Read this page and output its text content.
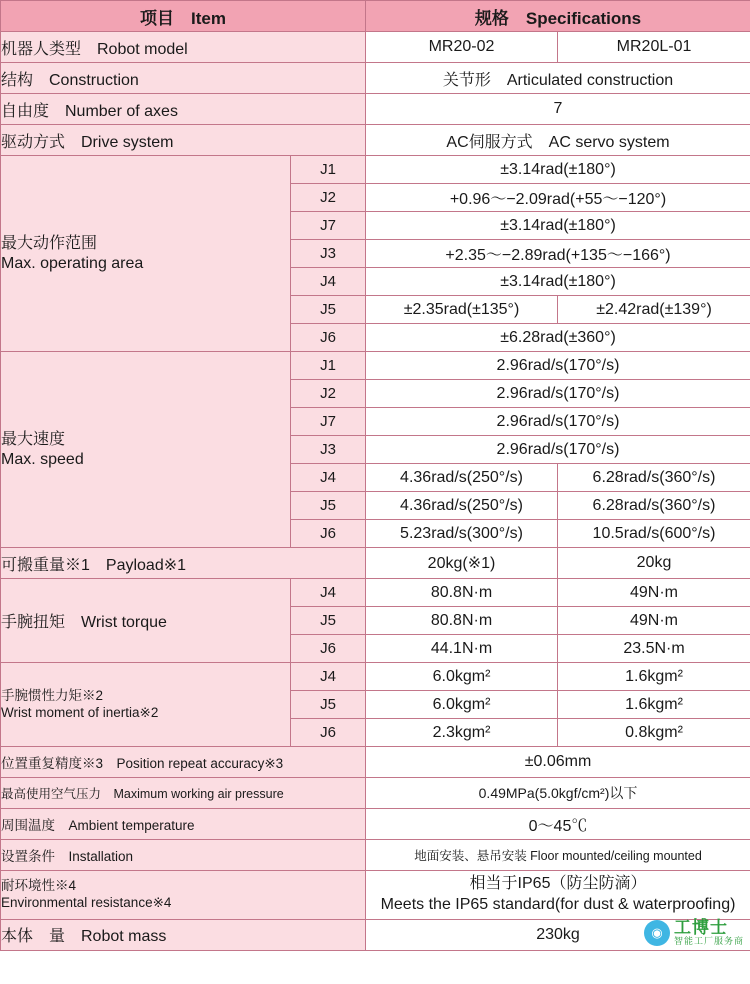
项目　Item		规格　Specifications	
机器人类型　Robot model		MR20-02	MR20L-01
结构　Construction		关节形　Articulated construction	
自由度　Number of axes		7	
驱动方式　Drive system		AC伺服方式　AC servo system	

最大动作范围
Max. operating area	J1	±3.14rad(±180°)	
	J2	+0.96～−2.09rad(+55～−120°)	
	J7	±3.14rad(±180°)	
	J3	+2.35～−2.89rad(+135～−166°)	
	J4	±3.14rad(±180°)	
	J5	±2.35rad(±135°)	±2.42rad(±139°)
	J6	±6.28rad(±360°)	

最大速度
Max. speed	J1	2.96rad/s(170°/s)	
	J2	2.96rad/s(170°/s)	
	J7	2.96rad/s(170°/s)	
	J3	2.96rad/s(170°/s)	
	J4	4.36rad/s(250°/s)	6.28rad/s(360°/s)
	J5	4.36rad/s(250°/s)	6.28rad/s(360°/s)
	J6	5.23rad/s(300°/s)	10.5rad/s(600°/s)
可搬重量※1　Payload※1		20kg(※1)	20kg
手腕扭矩　Wrist torque	J4	80.8N·m	49N·m
	J5	80.8N·m	49N·m
	J6	44.1N·m	23.5N·m

手腕惯性力矩※2
Wrist moment of inertia※2	J4	6.0kgm²	1.6kgm²
	J5	6.0kgm²	1.6kgm²
	J6	2.3kgm²	0.8kgm²
位置重复精度※3　Position repeat accuracy※3		±0.06mm	
最高使用空气压力　Maximum working air pressure		0.49MPa(5.0kgf/cm²)以下	
周围温度　Ambient temperature		0～45℃	
设置条件　Installation		地面安装、悬吊安装 Floor mounted/ceiling mounted	

耐环境性※4
Environmental resistance※4

相当于IP65（防尘防滴）
Meets the IP65 standard(for dust & waterproofing)

本体　量　Robot mass		230kg		◉ 工博士
智能工厂服务商
